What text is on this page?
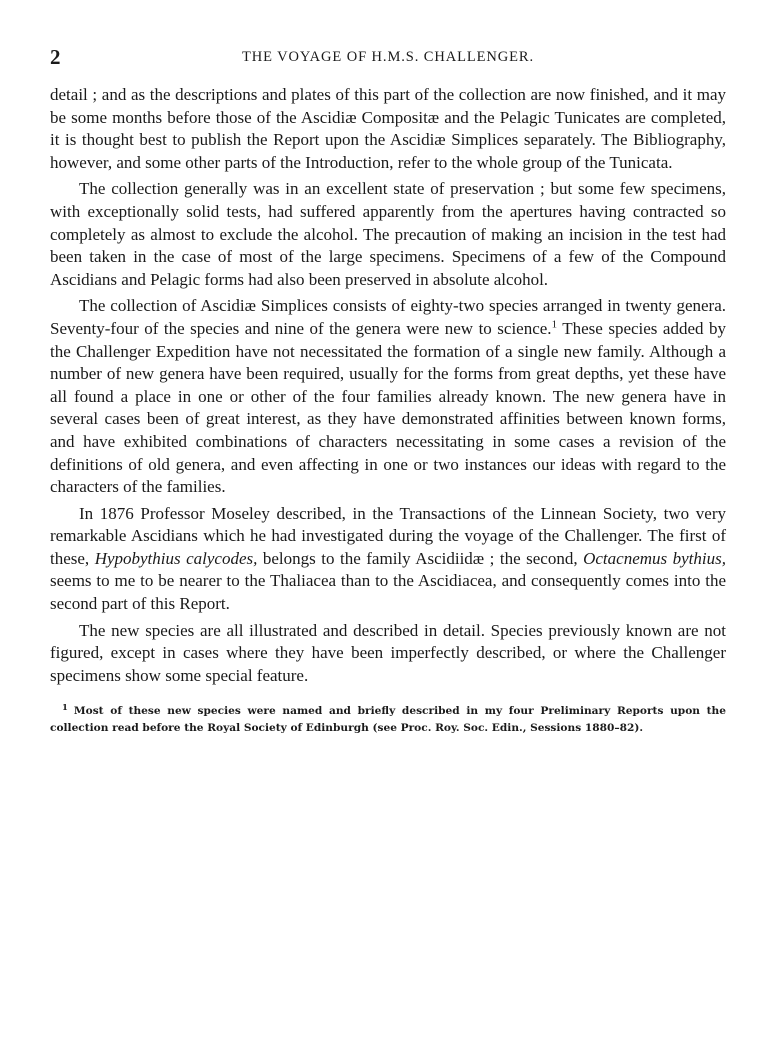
2	THE VOYAGE OF H.M.S. CHALLENGER.

detail ; and as the descriptions and plates of this part of the collection are now finished, and it may be some months before those of the Ascidiæ Compositæ and the Pelagic Tunicates are completed, it is thought best to publish the Report upon the Ascidiæ Simplices separately. The Bibliography, however, and some other parts of the Introduction, refer to the whole group of the Tunicata.

The collection generally was in an excellent state of preservation ; but some few specimens, with exceptionally solid tests, had suffered apparently from the apertures having contracted so completely as almost to exclude the alcohol. The precaution of making an incision in the test had been taken in the case of most of the large specimens. Specimens of a few of the Compound Ascidians and Pelagic forms had also been preserved in absolute alcohol.

The collection of Ascidiæ Simplices consists of eighty-two species arranged in twenty genera. Seventy-four of the species and nine of the genera were new to science.$^1$ These species added by the Challenger Expedition have not necessitated the formation of a single new family. Although a number of new genera have been required, usually for the forms from great depths, yet these have all found a place in one or other of the four families already known. The new genera have in several cases been of great interest, as they have demonstrated affinities between known forms, and have exhibited combinations of characters necessitating in some cases a revision of the definitions of old genera, and even affecting in one or two instances our ideas with regard to the characters of the families.

In 1876 Professor Moseley described, in the Transactions of the Linnean Society, two very remarkable Ascidians which he had investigated during the voyage of the Challenger. The first of these, Hypobythius calycodes, belongs to the family Ascidiidæ ; the second, Octacnemus bythius, seems to me to be nearer to the Thaliacea than to the Ascidiacea, and consequently comes into the second part of this Report.

The new species are all illustrated and described in detail. Species previously known are not figured, except in cases where they have been imperfectly described, or where the Challenger specimens show some special feature.

$^1$ Most of these new species were named and briefly described in my four Preliminary Reports upon the collection read before the Royal Society of Edinburgh (see Proc. Roy. Soc. Edin., Sessions 1880–82).
